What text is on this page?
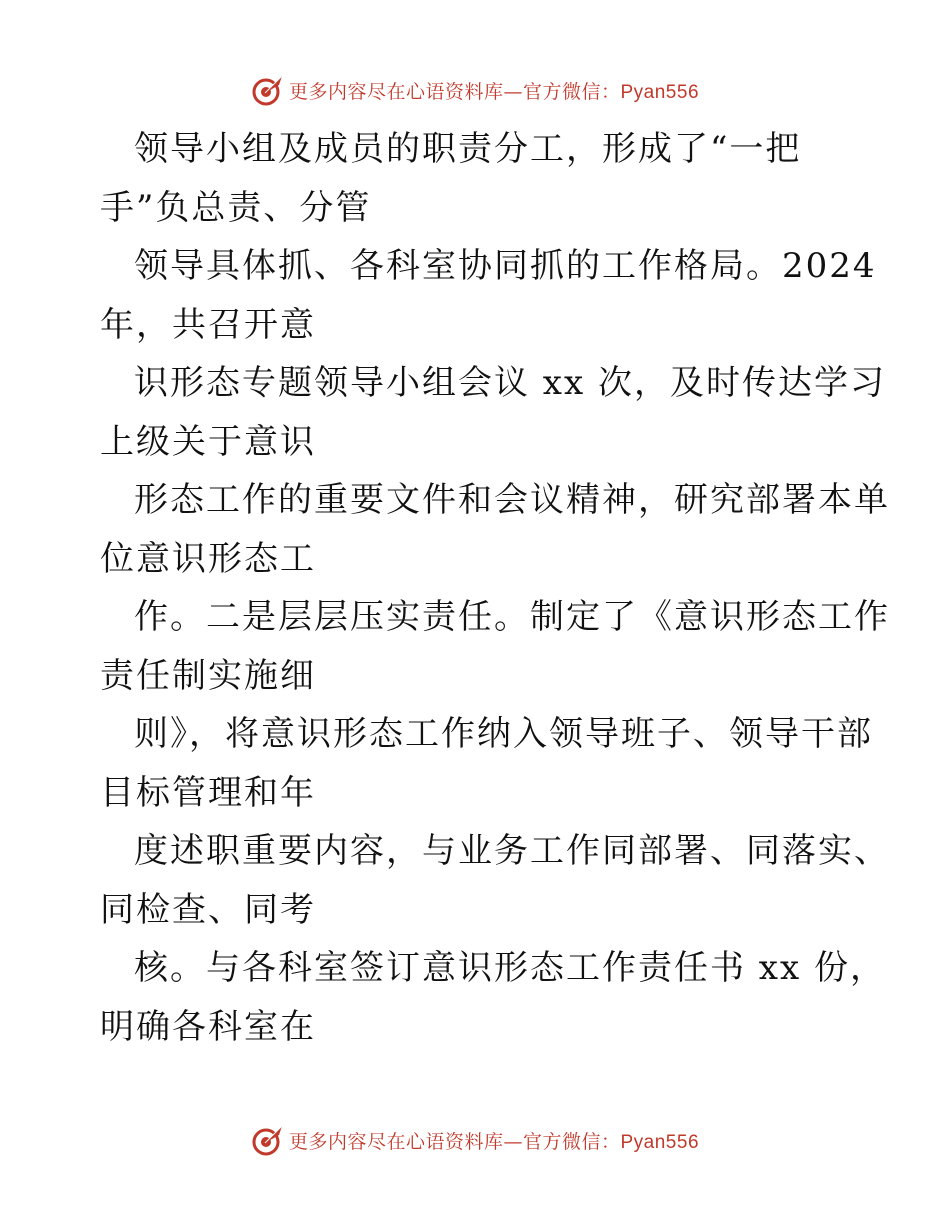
更多内容尽在心语资料库—官方微信：Pyan556
领导小组及成员的职责分工，形成了“一把
手”负总责、分管
领导具体抓、各科室协同抓的工作格局。2024
年，共召开意
识形态专题领导小组会议 xx 次，及时传达学习
上级关于意识
形态工作的重要文件和会议精神，研究部署本单
位意识形态工
作。二是层层压实责任。制定了《意识形态工作
责任制实施细
则》，将意识形态工作纳入领导班子、领导干部
目标管理和年
度述职重要内容，与业务工作同部署、同落实、
同检查、同考
核。与各科室签订意识形态工作责任书 xx 份，
明确各科室在
更多内容尽在心语资料库—官方微信：Pyan556
